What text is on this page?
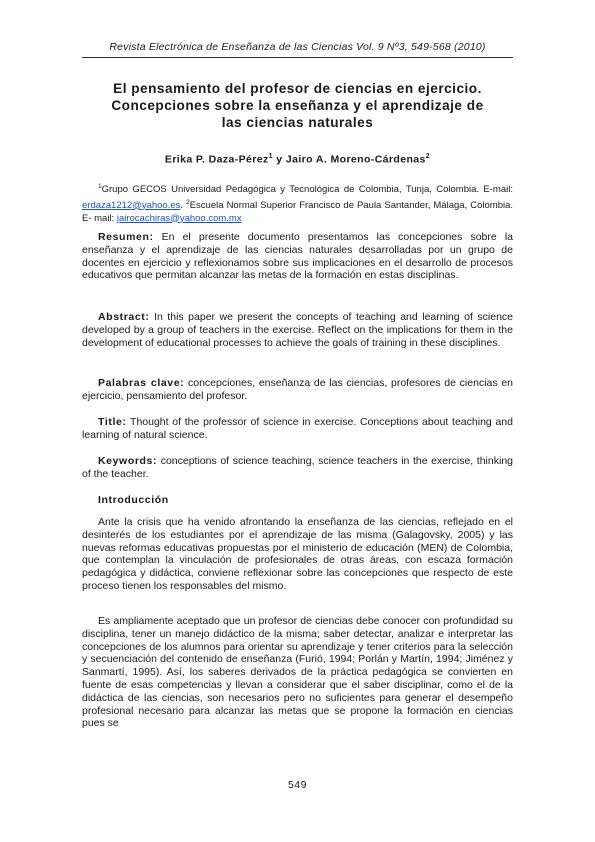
Revista Electrónica de Enseñanza de las Ciencias Vol. 9 Nº3, 549-568 (2010)
El pensamiento del profesor de ciencias en ejercicio.
Concepciones sobre la enseñanza y el aprendizaje de
las ciencias naturales
Erika P. Daza-Pérez$^1$ y Jairo A. Moreno-Cárdenas$^2$

$^1$Grupo GECOS Universidad Pedagógica y Tecnológica de Colombia, Tunja, Colombia. E-mail: erdaza1212@yahoo.es. $^2$Escuela Normal Superior Francisco de Paula Santander, Málaga, Colombia. E- mail: jairocachiras@yahoo.com.mx

Resumen: En el presente documento presentamos las concepciones sobre la enseñanza y el aprendizaje de las ciencias naturales desarrolladas por un grupo de docentes en ejercicio y reflexionamos sobre sus implicaciones en el desarrollo de procesos educativos que permitan alcanzar las metas de la formación en estas disciplinas.

Abstract: In this paper we present the concepts of teaching and learning of science developed by a group of teachers in the exercise. Reflect on the implications for them in the development of educational processes to achieve the goals of training in these disciplines.

Palabras clave: concepciones, enseñanza de las ciencias, profesores de ciencias en ejercicio, pensamiento del profesor.

Title: Thought of the professor of science in exercise. Conceptions about teaching and learning of natural science.

Keywords: conceptions of science teaching, science teachers in the exercise, thinking of the teacher.

Introducción

Ante la crisis que ha venido afrontando la enseñanza de las ciencias, reflejado en el desinterés de los estudiantes por el aprendizaje de las misma (Galagovsky, 2005) y las nuevas reformas educativas propuestas por el ministerio de educación (MEN) de Colombia, que contemplan la vinculación de profesionales de otras áreas, con escaza formación pedagógica y didáctica, conviene reflexionar sobre las concepciones que respecto de este proceso tienen los responsables del mismo.

Es ampliamente aceptado que un profesor de ciencias debe conocer con profundidad su disciplina, tener un manejo didáctico de la misma; saber detectar, analizar e interpretar las concepciones de los alumnos para orientar su aprendizaje y tener criterios para la selección y secuenciación del contenido de enseñanza (Furió, 1994; Porlán y Martín, 1994; Jiménez y Sanmartí, 1995). Así, los saberes derivados de la práctica pedagógica se convierten en fuente de esas competencias y llevan a considerar que el saber disciplinar, como el de la didáctica de las ciencias, son necesarios pero no suficientes para generar el desempeño profesional necesario para alcanzar las metas que se propone la formación en ciencias pues se

549
